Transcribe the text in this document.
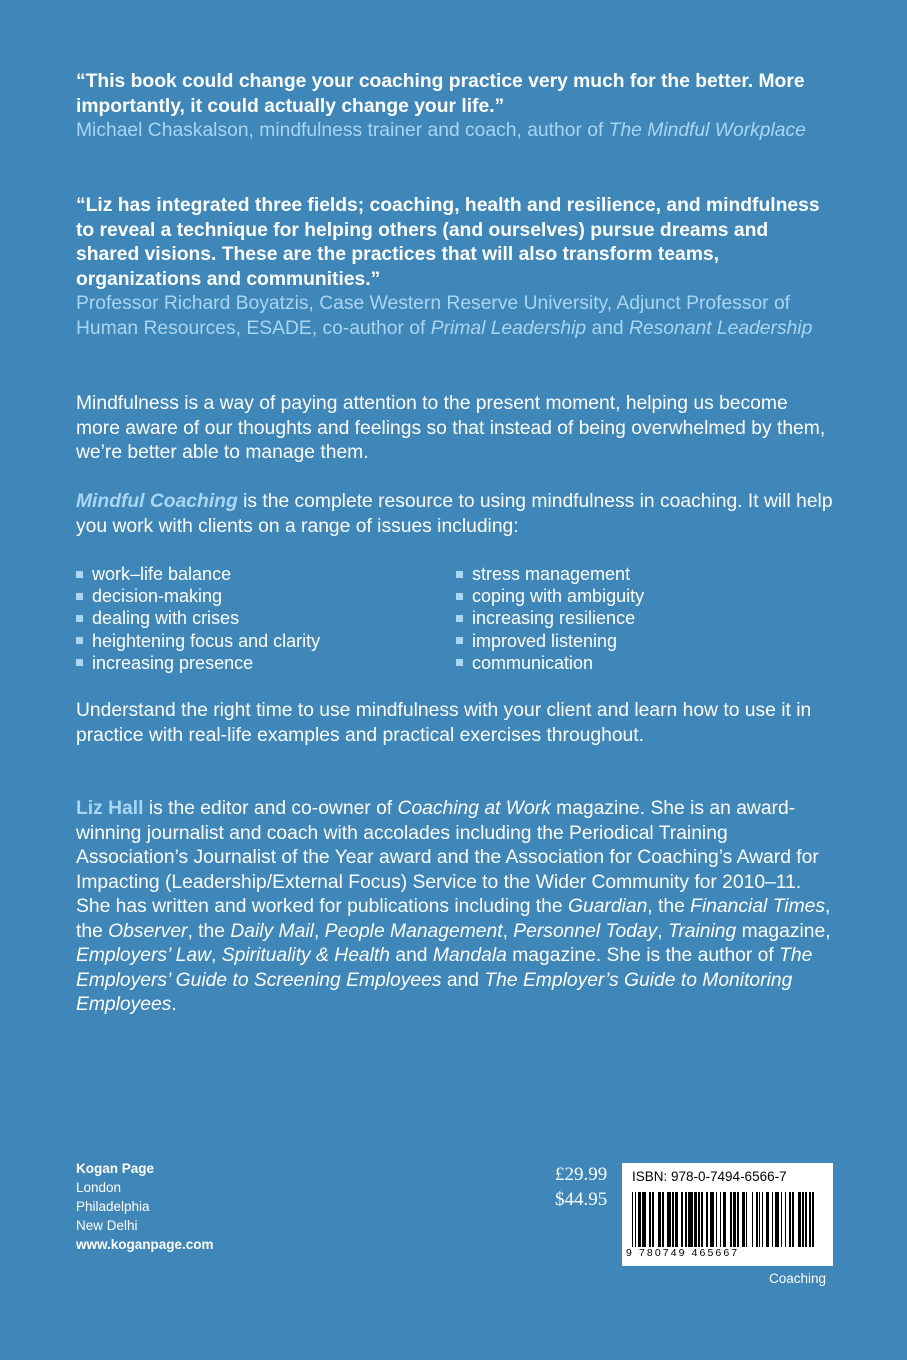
“This book could change your coaching practice very much for the better. More importantly, it could actually change your life.”

Michael Chaskalson, mindfulness trainer and coach, author of The Mindful Workplace

“Liz has integrated three fields; coaching, health and resilience, and mindfulness to reveal a technique for helping others (and ourselves) pursue dreams and shared visions. These are the practices that will also transform teams, organizations and communities.”

Professor Richard Boyatzis, Case Western Reserve University, Adjunct Professor of Human Resources, ESADE, co-author of Primal Leadership and Resonant Leadership

Mindfulness is a way of paying attention to the present moment, helping us become more aware of our thoughts and feelings so that instead of being overwhelmed by them, we’re better able to manage them.

Mindful Coaching is the complete resource to using mindfulness in coaching. It will help you work with clients on a range of issues including:

work–life balance
decision-making
dealing with crises
heightening focus and clarity
increasing presence
stress management
coping with ambiguity
increasing resilience
improved listening
communication

Understand the right time to use mindfulness with your client and learn how to use it in practice with real-life examples and practical exercises throughout.

Liz Hall is the editor and co-owner of Coaching at Work magazine. She is an award-winning journalist and coach with accolades including the Periodical Training Association’s Journalist of the Year award and the Association for Coaching’s Award for Impacting (Leadership/External Focus) Service to the Wider Community for 2010–11. She has written and worked for publications including the Guardian, the Financial Times, the Observer, the Daily Mail, People Management, Personnel Today, Training magazine, Employers’ Law, Spirituality & Health and Mandala magazine. She is the author of The Employers’ Guide to Screening Employees and The Employer’s Guide to Monitoring Employees.

Kogan Page
London
Philadelphia
New Delhi
www.koganpage.com
£29.99
$44.95
ISBN: 978-0-7494-6566-7
9 780749 465667
Coaching
